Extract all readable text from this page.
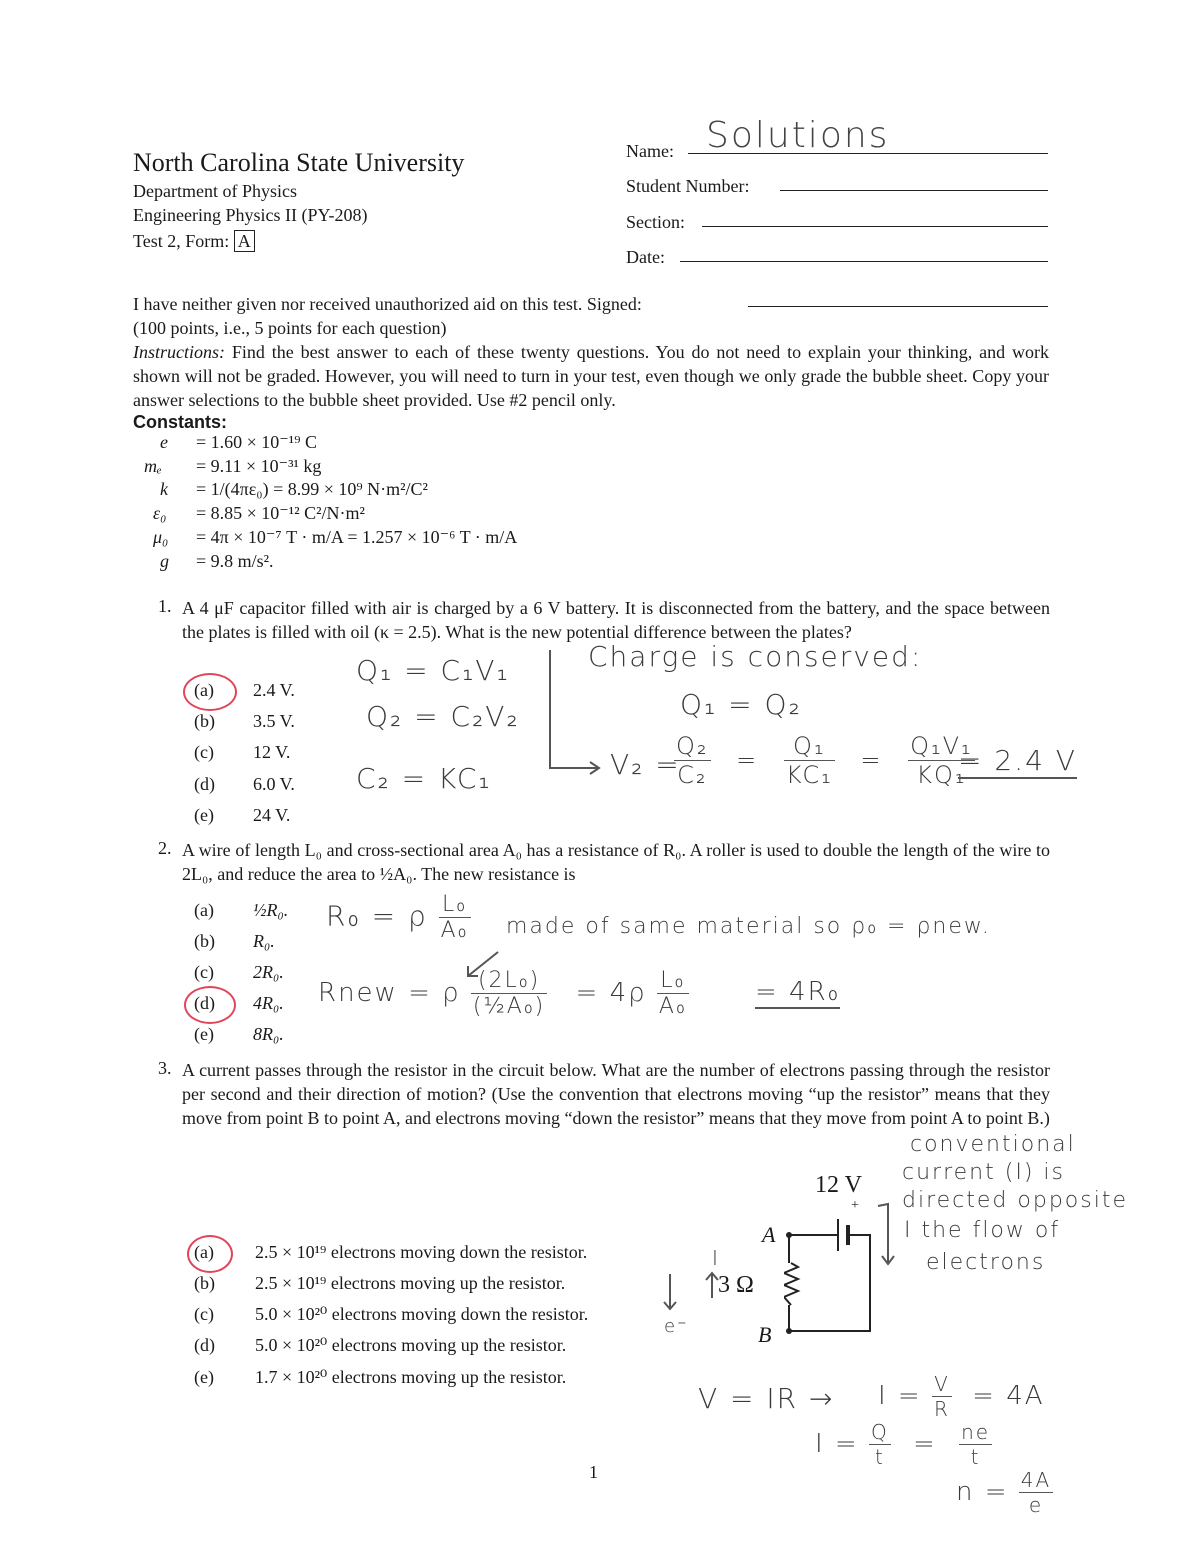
North Carolina State University
Department of Physics
Engineering Physics II (PY-208)
Test 2, Form: A
Name: Solutions
Student Number:
Section:
Date:
I have neither given nor received unauthorized aid on this test. Signed:
(100 points, i.e., 5 points for each question)
Instructions: Find the best answer to each of these twenty questions. You do not need to explain your thinking, and work shown will not be graded. However, you will need to turn in your test, even though we only grade the bubble sheet. Copy your answer selections to the bubble sheet provided. Use #2 pencil only.
Constants:
e = 1.60 × 10⁻¹⁹ C
mₑ = 9.11 × 10⁻³¹ kg
k = 1/(4πε₀) = 8.99 × 10⁹ N·m²/C²
ε₀ = 8.85 × 10⁻¹² C²/N·m²
μ₀ = 4π × 10⁻⁷ T · m/A = 1.257 × 10⁻⁶ T · m/A
g = 9.8 m/s².
1. A 4 μF capacitor filled with air is charged by a 6 V battery. It is disconnected from the battery, and the space between the plates is filled with oil (κ = 2.5). What is the new potential difference between the plates?
(a) 2.4 V.
(b) 3.5 V.
(c) 12 V.
(d) 6.0 V.
(e) 24 V.
Q₁ = C₁V₁
Q₂ = C₂V₂
C₂ = KC₁
Charge is conserved:
Q₁ = Q₂
V₂ =
$\frac{\text{Q₂}}{\text{C₂}} = \frac{\text{Q₁}}{\text{KC₁}} = \frac{\text{Q₁V₁}}{\text{KQ₁}}$
= 2.4 V
2. A wire of length L₀ and cross-sectional area A₀ has a resistance of R₀. A roller is used to double the length of the wire to 2L₀, and reduce the area to ½A₀. The new resistance is
(a) ½R₀.
(b) R₀.
(c) 2R₀.
(d) 4R₀.
(e) 8R₀.
R₀ = ρ $\frac{\text{L₀}}{\text{A₀}}$ made of same material so ρ₀ = ρnew.
Rnew = ρ $\frac{\text{(2L₀)}}{\text{(½A₀)}} = 4\rho \frac{\text{L₀}}{\text{A₀}}$	= 4R₀
3. A current passes through the resistor in the circuit below. What are the number of electrons passing through the resistor per second and their direction of motion? (Use the convention that electrons moving “up the resistor” means that they move from point B to point A, and electrons moving “down the resistor” means that they move from point A to point B.)
(a) 2.5 × 10¹⁹ electrons moving down the resistor.
(b) 2.5 × 10¹⁹ electrons moving up the resistor.
(c) 5.0 × 10²⁰ electrons moving down the resistor.
(d) 5.0 × 10²⁰ electrons moving up the resistor.
(e) 1.7 × 10²⁰ electrons moving up the resistor.
12 V
+
A
B
3 Ω
I
e⁻
conventional
current (I) is
directed opposite
I the flow of
electrons
V = IR → $I = \frac{V}{R} = 4A$
$I = \frac{Q}{t} = \frac{ne}{t}$
$n = \frac{4A}{e}$
1
